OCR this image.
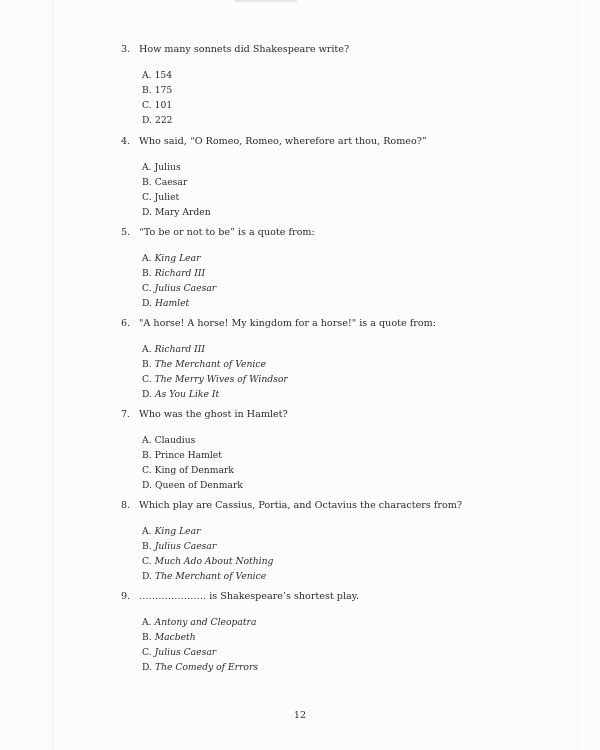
3. How many sonnets did Shakespeare write?
A. 154
B. 175
C. 101
D. 222
4. Who said, “O Romeo, Romeo, wherefore art thou, Romeo?”
A. Julius
B. Caesar
C. Juliet
D. Mary Arden
5. “To be or not to be” is a quote from:
A. King Lear
B. Richard III
C. Julius Caesar
D. Hamlet
6. "A horse! A horse! My kingdom for a horse!" is a quote from:
A. Richard III
B. The Merchant of Venice
C. The Merry Wives of Windsor
D. As You Like It
7. Who was the ghost in Hamlet?
A. Claudius
B. Prince Hamlet
C. King of Denmark
D. Queen of Denmark
8. Which play are Cassius, Portia, and Octavius the characters from?
A. King Lear
B. Julius Caesar
C. Much Ado About Nothing
D. The Merchant of Venice
9. ………………… is Shakespeare’s shortest play.
A. Antony and Cleopatra
B. Macbeth
C. Julius Caesar
D. The Comedy of Errors
12
